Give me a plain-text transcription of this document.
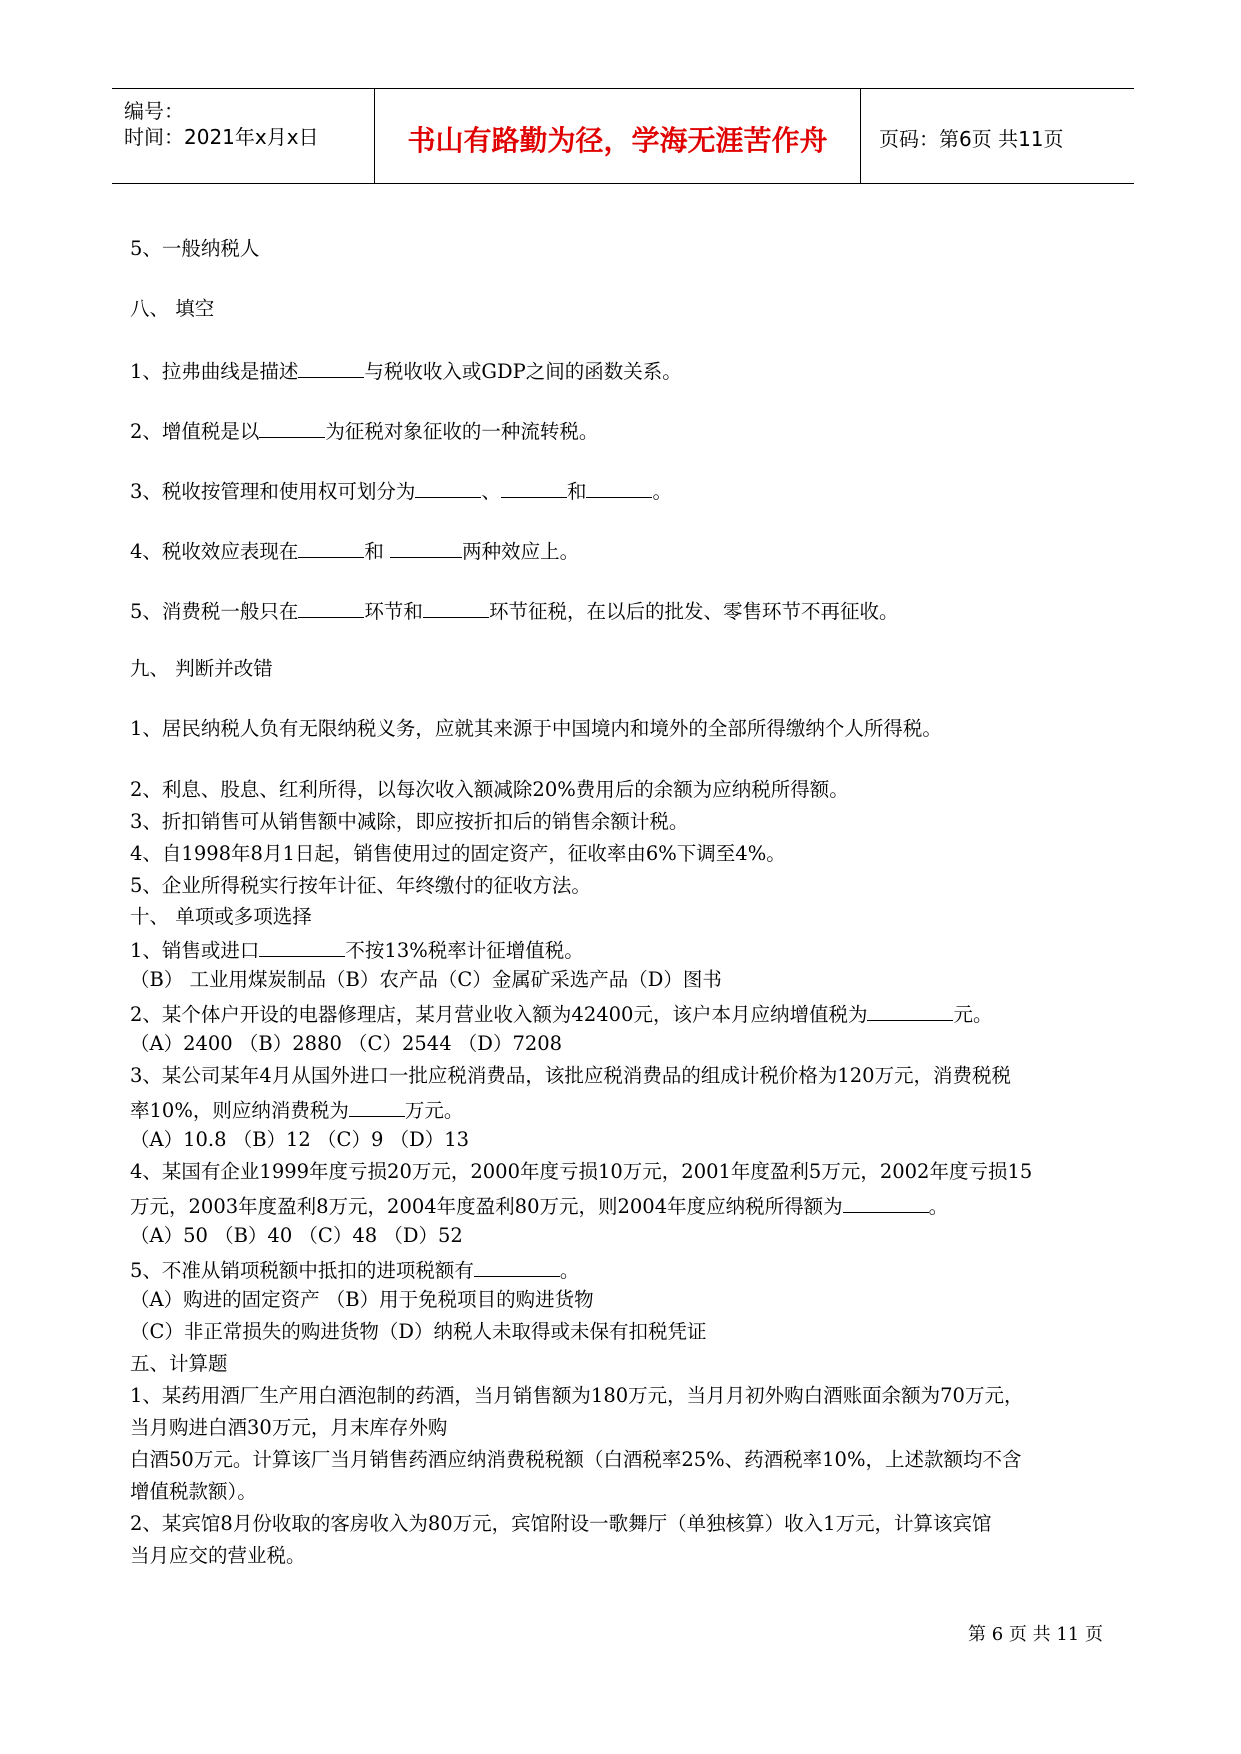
编号：
时间：2021年x月x日	书山有路勤为径，学海无涯苦作舟	页码：第6页 共11页
5、一般纳税人
八、 填空
1、拉弗曲线是描述	与税收收入或GDP之间的函数关系。
2、增值税是以	为征税对象征收的一种流转税。
3、税收按管理和使用权可划分为	、	和	。
4、税收效应表现在	和	两种效应上。
5、消费税一般只在	环节和	环节征税，在以后的批发、零售环节不再征收。
九、 判断并改错
1、居民纳税人负有无限纳税义务，应就其来源于中国境内和境外的全部所得缴纳个人所得税。
2、利息、股息、红利所得，以每次收入额减除20%费用后的余额为应纳税所得额。
3、折扣销售可从销售额中减除，即应按折扣后的销售余额计税。
4、自1998年8月1日起，销售使用过的固定资产，征收率由6%下调至4%。
5、企业所得税实行按年计征、年终缴付的征收方法。
十、 单项或多项选择
1、销售或进口	不按13%税率计征增值税。
（B） 工业用煤炭制品（B）农产品（C）金属矿采选产品（D）图书
2、某个体户开设的电器修理店，某月营业收入额为42400元，该户本月应纳增值税为	元。
（A）2400 （B）2880 （C）2544 （D）7208
3、某公司某年4月从国外进口一批应税消费品，该批应税消费品的组成计税价格为120万元，消费税税
率10%，则应纳消费税为	万元。
（A）10.8 （B）12 （C）9 （D）13
4、某国有企业1999年度亏损20万元，2000年度亏损10万元，2001年度盈利5万元，2002年度亏损15
万元，2003年度盈利8万元，2004年度盈利80万元，则2004年度应纳税所得额为	。
（A）50 （B）40 （C）48 （D）52
5、不准从销项税额中抵扣的进项税额有	。
（A）购进的固定资产 （B）用于免税项目的购进货物
（C）非正常损失的购进货物（D）纳税人未取得或未保有扣税凭证
五、计算题
1、某药用酒厂生产用白酒泡制的药酒，当月销售额为180万元，当月月初外购白酒账面余额为70万元，
当月购进白酒30万元，月末库存外购
白酒50万元。计算该厂当月销售药酒应纳消费税税额（白酒税率25%、药酒税率10%，上述款额均不含
增值税款额）。
2、某宾馆8月份收取的客房收入为80万元，宾馆附设一歌舞厅（单独核算）收入1万元，计算该宾馆
当月应交的营业税。
第 6 页 共 11 页
